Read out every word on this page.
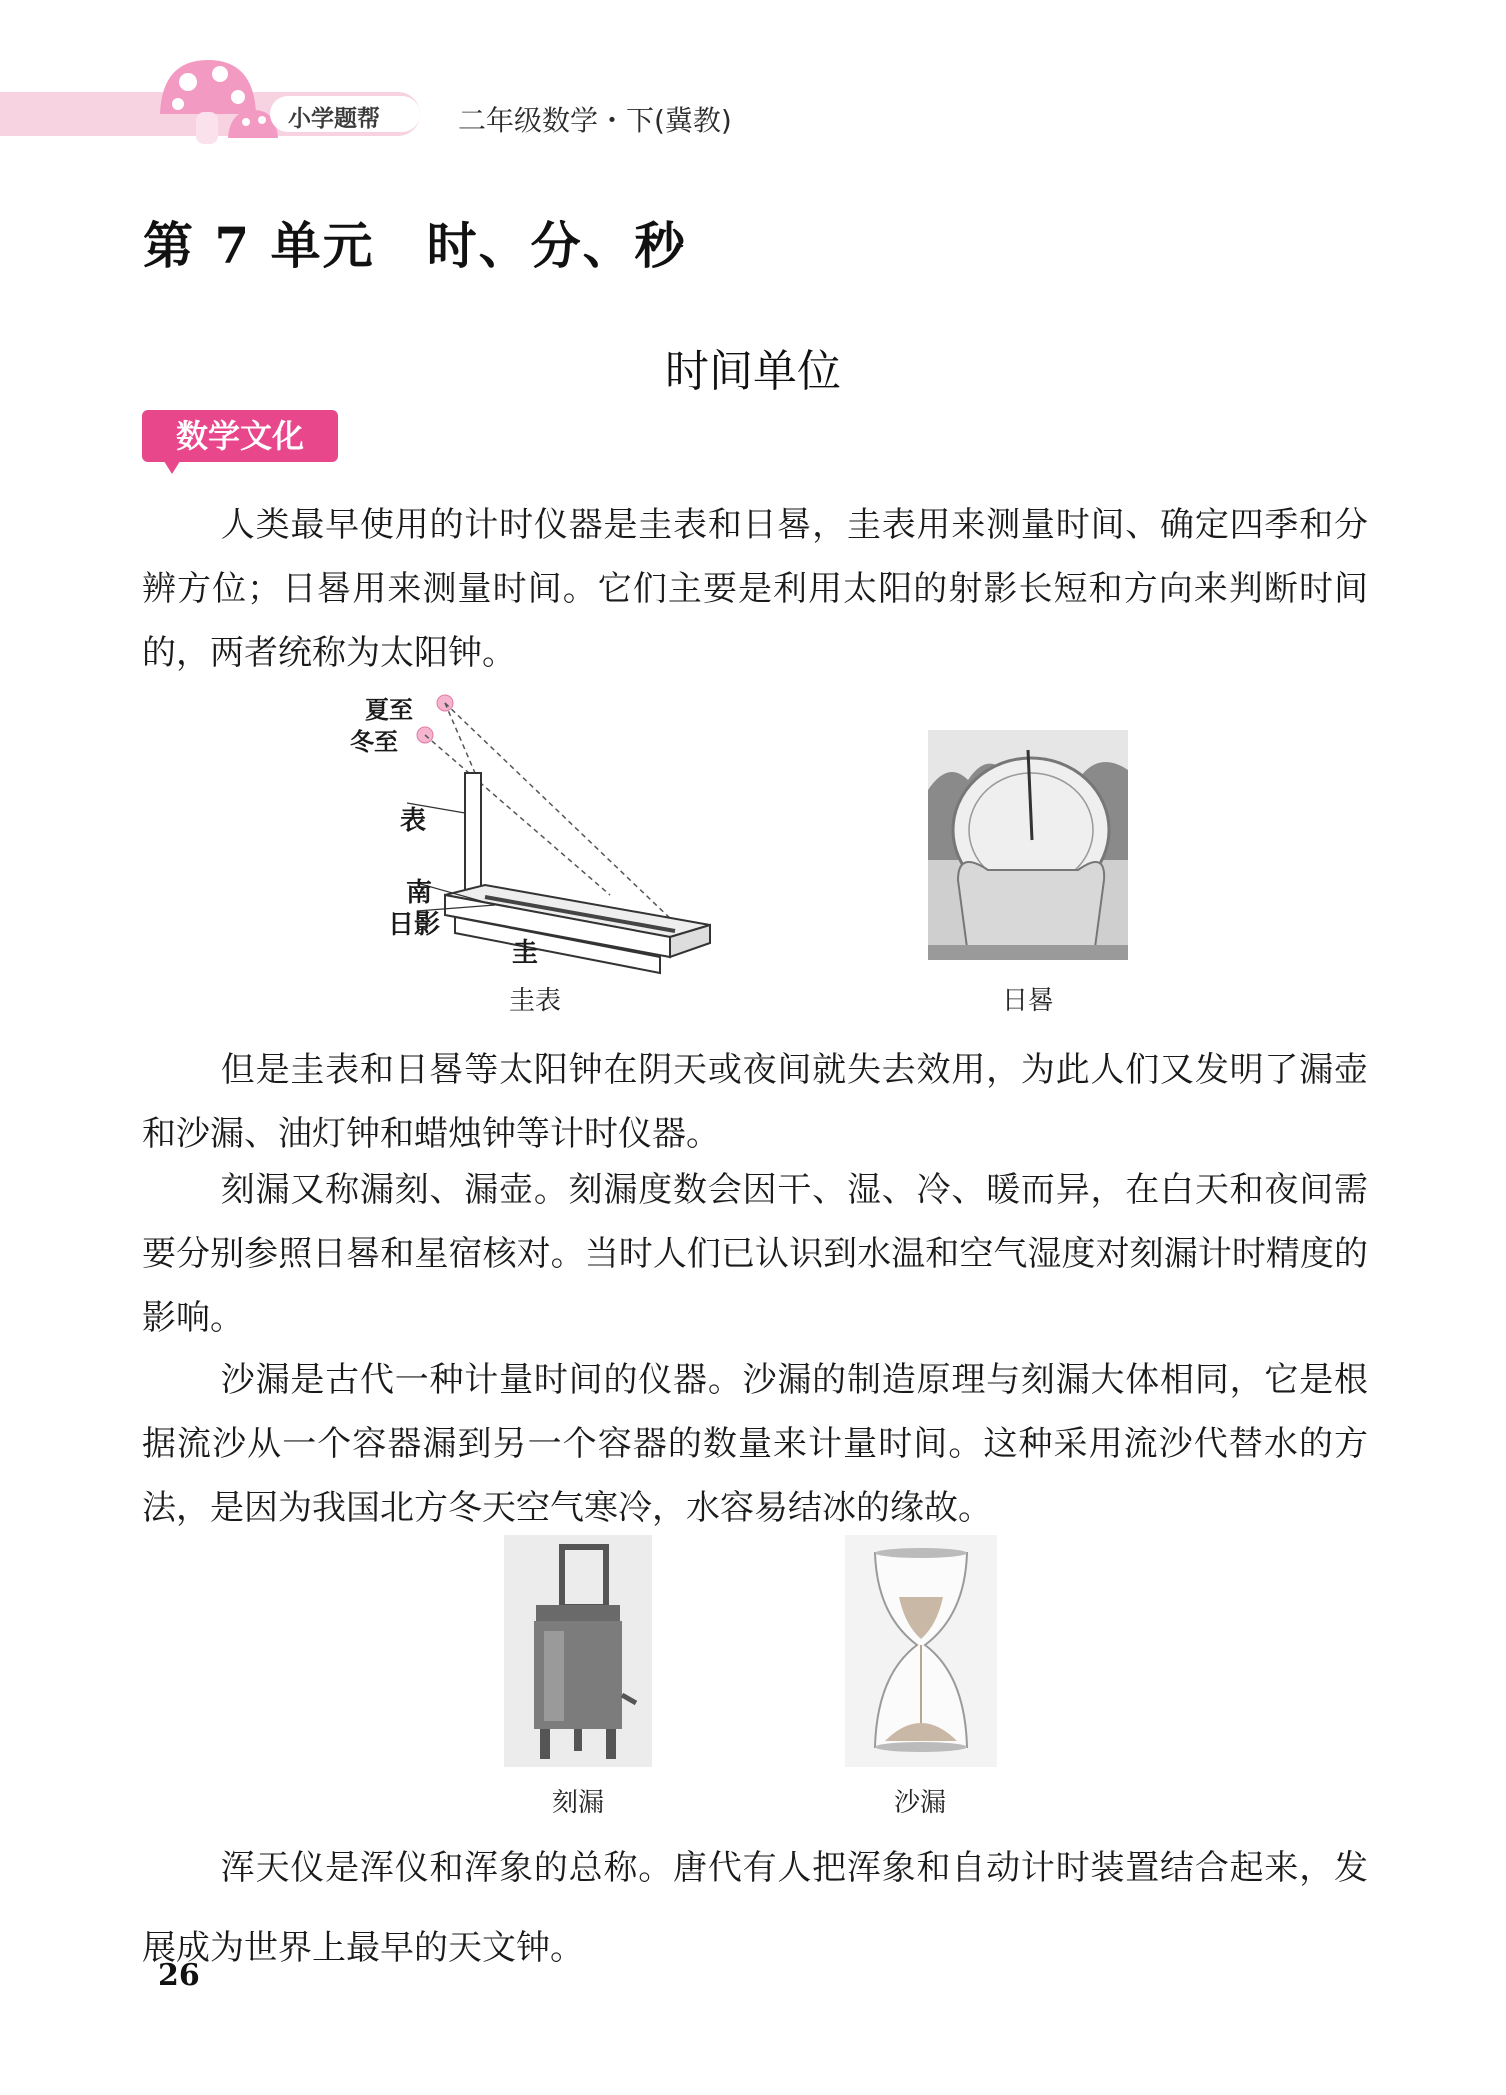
小学题帮	二年级数学・下(冀教)
第 7 单元　时、分、秒
时间单位
数学文化
人类最早使用的计时仪器是圭表和日晷，圭表用来测量时间、确定四季和分辨方位；日晷用来测量时间。它们主要是利用太阳的射影长短和方向来判断时间的，两者统称为太阳钟。
夏至
冬至
表
南
日影
圭
圭表	日晷
但是圭表和日晷等太阳钟在阴天或夜间就失去效用，为此人们又发明了漏壶和沙漏、油灯钟和蜡烛钟等计时仪器。
刻漏又称漏刻、漏壶。刻漏度数会因干、湿、冷、暖而异，在白天和夜间需要分别参照日晷和星宿核对。当时人们已认识到水温和空气湿度对刻漏计时精度的影响。
沙漏是古代一种计量时间的仪器。沙漏的制造原理与刻漏大体相同，它是根据流沙从一个容器漏到另一个容器的数量来计量时间。这种采用流沙代替水的方法，是因为我国北方冬天空气寒冷，水容易结冰的缘故。
刻漏	沙漏
浑天仪是浑仪和浑象的总称。唐代有人把浑象和自动计时装置结合起来，发展成为世界上最早的天文钟。
26
